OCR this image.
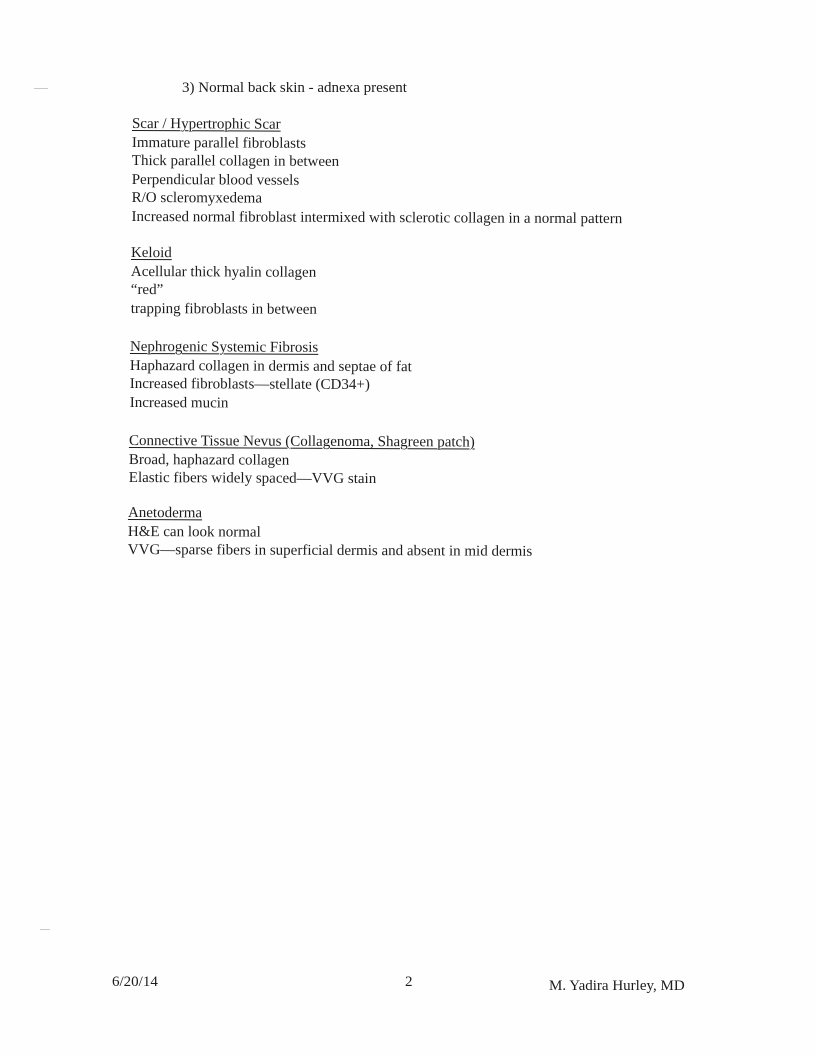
3) Normal back skin - adnexa present
Scar / Hypertrophic Scar
Immature parallel fibroblasts
Thick parallel collagen in between
Perpendicular blood vessels
R/O scleromyxedema
Increased normal fibroblast intermixed with sclerotic collagen in a normal pattern
Keloid
Acellular thick hyalin collagen
“red”
trapping fibroblasts in between
Nephrogenic Systemic Fibrosis
Haphazard collagen in dermis and septae of fat
Increased fibroblasts—stellate (CD34+)
Increased mucin
Connective Tissue Nevus (Collagenoma, Shagreen patch)
Broad, haphazard collagen
Elastic fibers widely spaced—VVG stain
Anetoderma
H&E can look normal
VVG—sparse fibers in superficial dermis and absent in mid dermis
6/20/14	2	M. Yadira Hurley, MD
